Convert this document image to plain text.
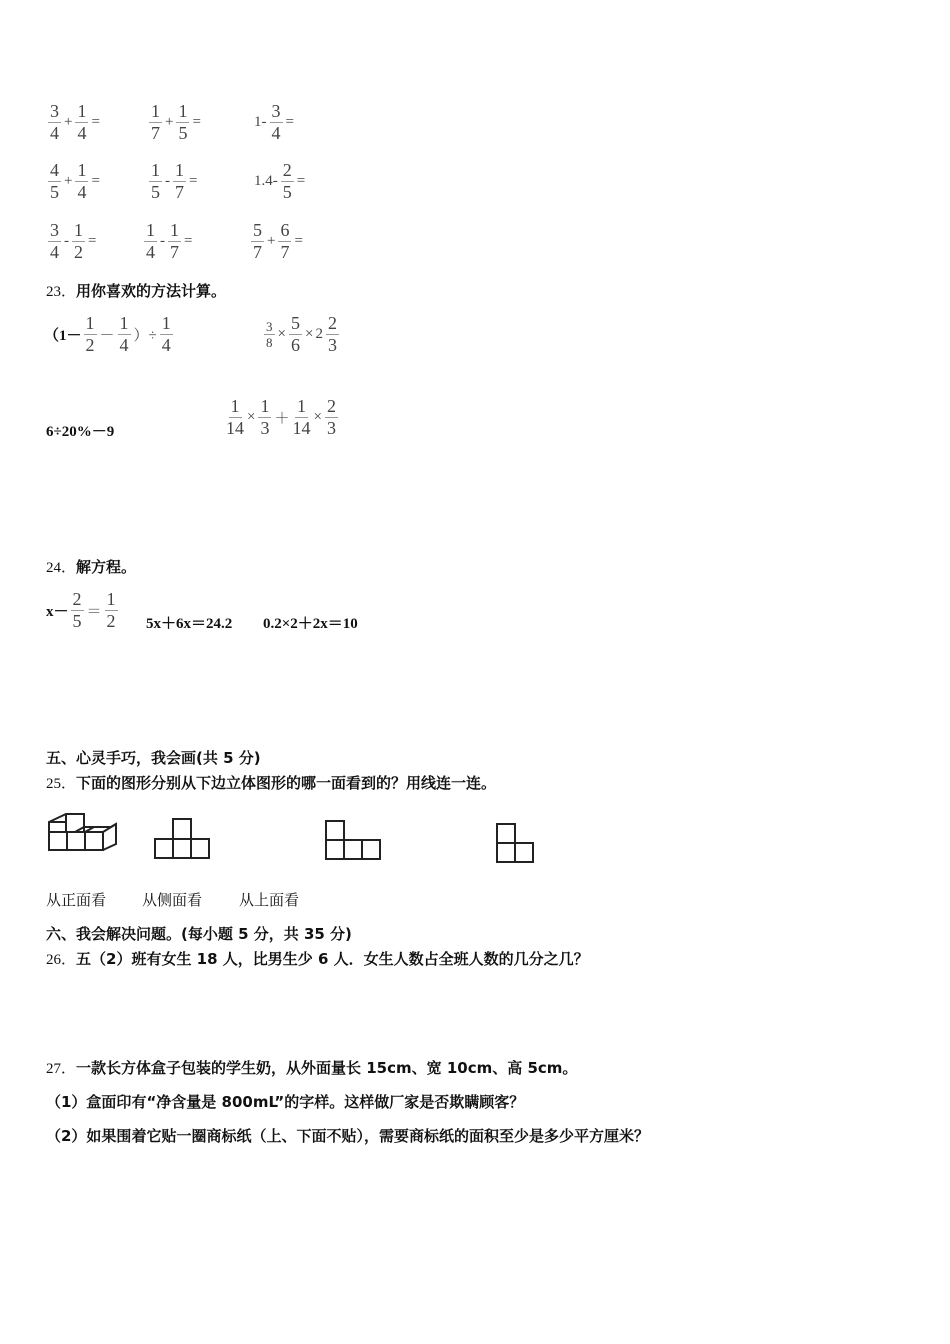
$\frac{3}{4} + \frac{1}{4}$ =	$\frac{1}{7} + \frac{1}{5}$ =	$1- \frac{3}{4}$ =
$\frac{4}{5} + \frac{1}{4}$ =	$\frac{1}{5} - \frac{1}{7}$ =	$1.4- \frac{2}{5}$ =
$\frac{3}{4} - \frac{1}{2}$ =	$\frac{1}{4} - \frac{1}{7}$ =	$\frac{5}{7} + \frac{6}{7}$ =
23．用你喜欢的方法计算。
（$1- \frac{1}{2} - \frac{1}{4}$ ）÷ $\frac{1}{4}$	$\frac{3}{8} \times \frac{5}{6} \times 2 \frac{2}{3}$
6÷20%－9	$\frac{1}{14} \times \frac{1}{3} + \frac{1}{14} \times \frac{2}{3}$
24．解方程。
$x- \frac{2}{5} = \frac{1}{2} 5x+6x=24.2$ 0.2×2＋2x＝10
五、心灵手巧，我会画(共 5 分)
25．下面的图形分别从下边立体图形的哪一面看到的？用线连一连。
从正面看 从侧面看 从上面看
六、我会解决问题。(每小题 5 分，共 35 分)
26．五（2）班有女生 18 人，比男生少 6 人．女生人数占全班人数的几分之几？
27．一款长方体盒子包装的学生奶，从外面量长 15cm、宽 10cm、高 5cm。
（1）盒面印有“净含量是 800mL”的字样。这样做厂家是否欺瞒顾客？
（2）如果围着它贴一圈商标纸（上、下面不贴），需要商标纸的面积至少是多少平方厘米？
